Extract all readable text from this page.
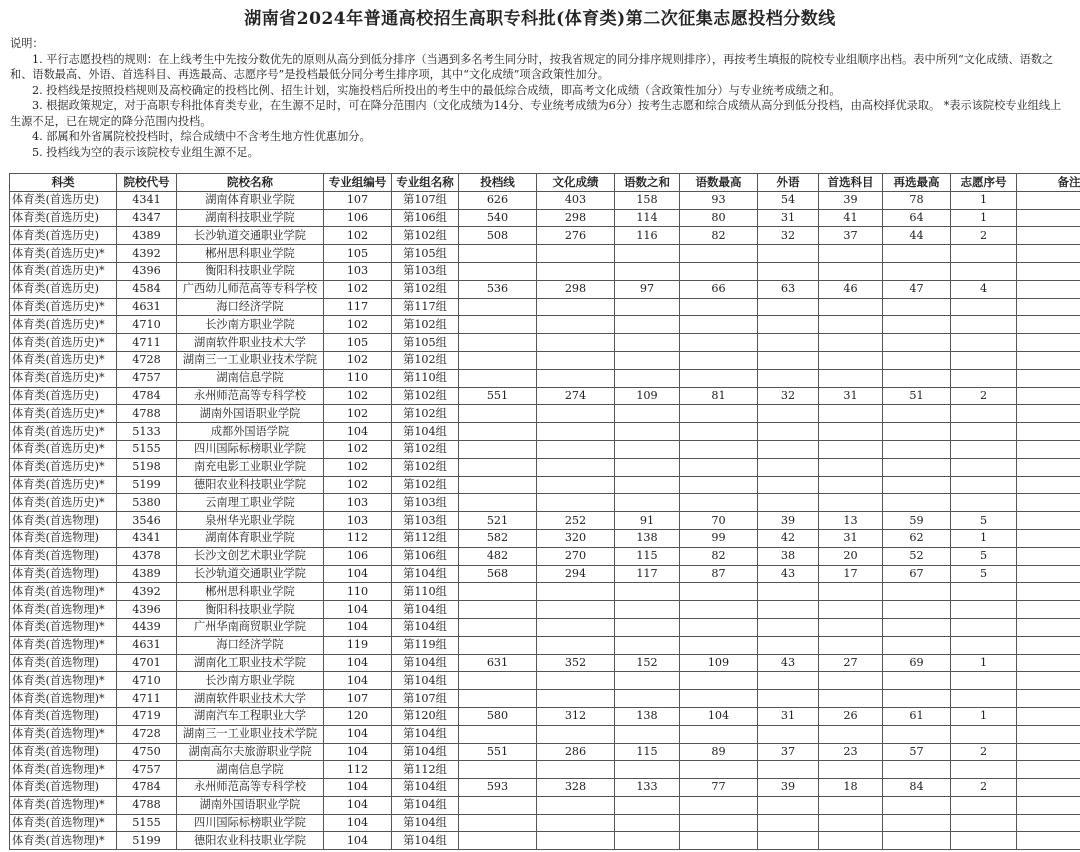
湖南省2024年普通高校招生高职专科批(体育类)第二次征集志愿投档分数线
说明：
1. 平行志愿投档的规则：在上线考生中先按分数优先的原则从高分到低分排序（当遇到多名考生同分时，按我省规定的同分排序规则排序），再按考生填报的院校专业组顺序出档。表中所列“文化成绩、语数之和、语数最高、外语、首选科目、再选最高、志愿序号”是投档最低分同分考生排序项，其中“文化成绩”项含政策性加分。
2. 投档线是按照投档规则及高校确定的投档比例、招生计划，实施投档后所投出的考生中的最低综合成绩，即高考文化成绩（含政策性加分）与专业统考成绩之和。
3. 根据政策规定，对于高职专科批体育类专业，在生源不足时，可在降分范围内（文化成绩为14分、专业统考成绩为6分）按考生志愿和综合成绩从高分到低分投档，由高校择优录取。 *表示该院校专业组线上生源不足，已在规定的降分范围内投档。
4. 部属和外省属院校投档时，综合成绩中不含考生地方性优惠加分。
5. 投档线为空的表示该院校专业组生源不足。
科类	院校代号	院校名称	专业组编号	专业组名称	投档线	文化成绩	语数之和	语数最高	外语	首选科目	再选最高	志愿序号	备注
体育类(首选历史)	4341	湖南体育职业学院	107	第107组	626	403	158	93	54	39	78	1	
体育类(首选历史)	4347	湖南科技职业学院	106	第106组	540	298	114	80	31	41	64	1	
体育类(首选历史)	4389	长沙轨道交通职业学院	102	第102组	508	276	116	82	32	37	44	2	
体育类(首选历史)*	4392	郴州思科职业学院	105	第105组									
体育类(首选历史)*	4396	衡阳科技职业学院	103	第103组									
体育类(首选历史)	4584	广西幼儿师范高等专科学校	102	第102组	536	298	97	66	63	46	47	4	
体育类(首选历史)*	4631	海口经济学院	117	第117组									
体育类(首选历史)*	4710	长沙南方职业学院	102	第102组									
体育类(首选历史)*	4711	湖南软件职业技术大学	105	第105组									
体育类(首选历史)*	4728	湖南三一工业职业技术学院	102	第102组									
体育类(首选历史)*	4757	湖南信息学院	110	第110组									
体育类(首选历史)	4784	永州师范高等专科学校	102	第102组	551	274	109	81	32	31	51	2	
体育类(首选历史)*	4788	湖南外国语职业学院	102	第102组									
体育类(首选历史)*	5133	成都外国语学院	104	第104组									
体育类(首选历史)*	5155	四川国际标榜职业学院	102	第102组									
体育类(首选历史)*	5198	南充电影工业职业学院	102	第102组									
体育类(首选历史)*	5199	德阳农业科技职业学院	102	第102组									
体育类(首选历史)*	5380	云南理工职业学院	103	第103组									
体育类(首选物理)	3546	泉州华光职业学院	103	第103组	521	252	91	70	39	13	59	5	
体育类(首选物理)	4341	湖南体育职业学院	112	第112组	582	320	138	99	42	31	62	1	
体育类(首选物理)	4378	长沙文创艺术职业学院	106	第106组	482	270	115	82	38	20	52	5	
体育类(首选物理)	4389	长沙轨道交通职业学院	104	第104组	568	294	117	87	43	17	67	5	
体育类(首选物理)*	4392	郴州思科职业学院	110	第110组									
体育类(首选物理)*	4396	衡阳科技职业学院	104	第104组									
体育类(首选物理)*	4439	广州华南商贸职业学院	104	第104组									
体育类(首选物理)*	4631	海口经济学院	119	第119组									
体育类(首选物理)	4701	湖南化工职业技术学院	104	第104组	631	352	152	109	43	27	69	1	
体育类(首选物理)*	4710	长沙南方职业学院	104	第104组									
体育类(首选物理)*	4711	湖南软件职业技术大学	107	第107组									
体育类(首选物理)	4719	湖南汽车工程职业大学	120	第120组	580	312	138	104	31	26	61	1	
体育类(首选物理)*	4728	湖南三一工业职业技术学院	104	第104组									
体育类(首选物理)	4750	湖南高尔夫旅游职业学院	104	第104组	551	286	115	89	37	23	57	2	
体育类(首选物理)*	4757	湖南信息学院	112	第112组									
体育类(首选物理)	4784	永州师范高等专科学校	104	第104组	593	328	133	77	39	18	84	2	
体育类(首选物理)*	4788	湖南外国语职业学院	104	第104组									
体育类(首选物理)*	5155	四川国际标榜职业学院	104	第104组									
体育类(首选物理)*	5199	德阳农业科技职业学院	104	第104组									
